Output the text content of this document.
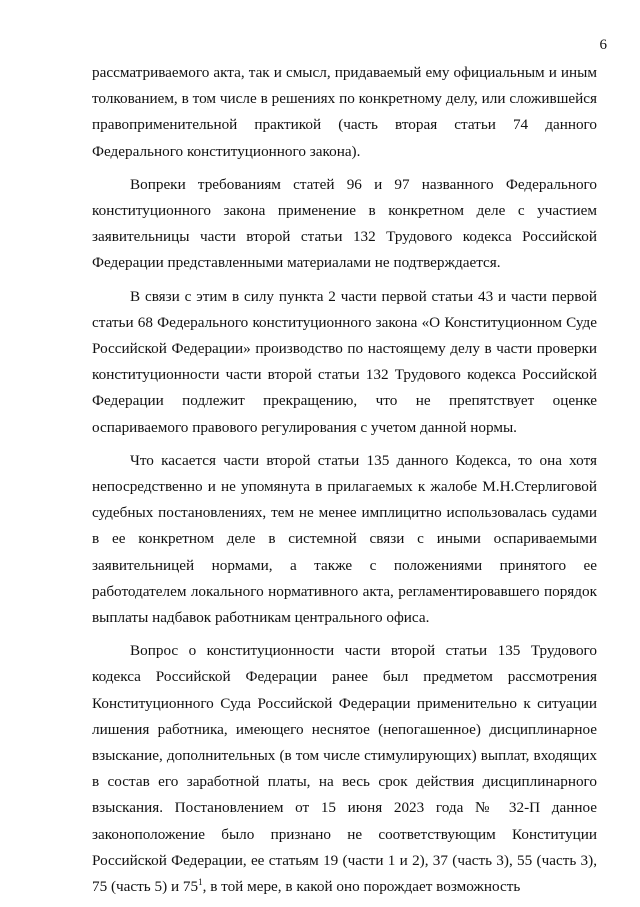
6

рассматриваемого акта, так и смысл, придаваемый ему официальным и иным толкованием, в том числе в решениях по конкретному делу, или сложившейся правоприменительной практикой (часть вторая статьи 74 данного Федерального конституционного закона).

Вопреки требованиям статей 96 и 97 названного Федерального конституционного закона применение в конкретном деле с участием заявительницы части второй статьи 132 Трудового кодекса Российской Федерации представленными материалами не подтверждается.

В связи с этим в силу пункта 2 части первой статьи 43 и части первой статьи 68 Федерального конституционного закона «О Конституционном Суде Российской Федерации» производство по настоящему делу в части проверки конституционности части второй статьи 132 Трудового кодекса Российской Федерации подлежит прекращению, что не препятствует оценке оспариваемого правового регулирования с учетом данной нормы.

Что касается части второй статьи 135 данного Кодекса, то она хотя непосредственно и не упомянута в прилагаемых к жалобе М.Н.Стерлиговой судебных постановлениях, тем не менее имплицитно использовалась судами в ее конкретном деле в системной связи с иными оспариваемыми заявительницей нормами, а также с положениями принятого ее работодателем локального нормативного акта, регламентировавшего порядок выплаты надбавок работникам центрального офиса.

Вопрос о конституционности части второй статьи 135 Трудового кодекса Российской Федерации ранее был предметом рассмотрения Конституционного Суда Российской Федерации применительно к ситуации лишения работника, имеющего неснятое (непогашенное) дисциплинарное взыскание, дополнительных (в том числе стимулирующих) выплат, входящих в состав его заработной платы, на весь срок действия дисциплинарного взыскания. Постановлением от 15 июня 2023 года № 32-П данное законоположение было признано не соответствующим Конституции Российской Федерации, ее статьям 19 (части 1 и 2), 37 (часть 3), 55 (часть 3), 75 (часть 5) и $75^1$, в той мере, в какой оно порождает возможность
